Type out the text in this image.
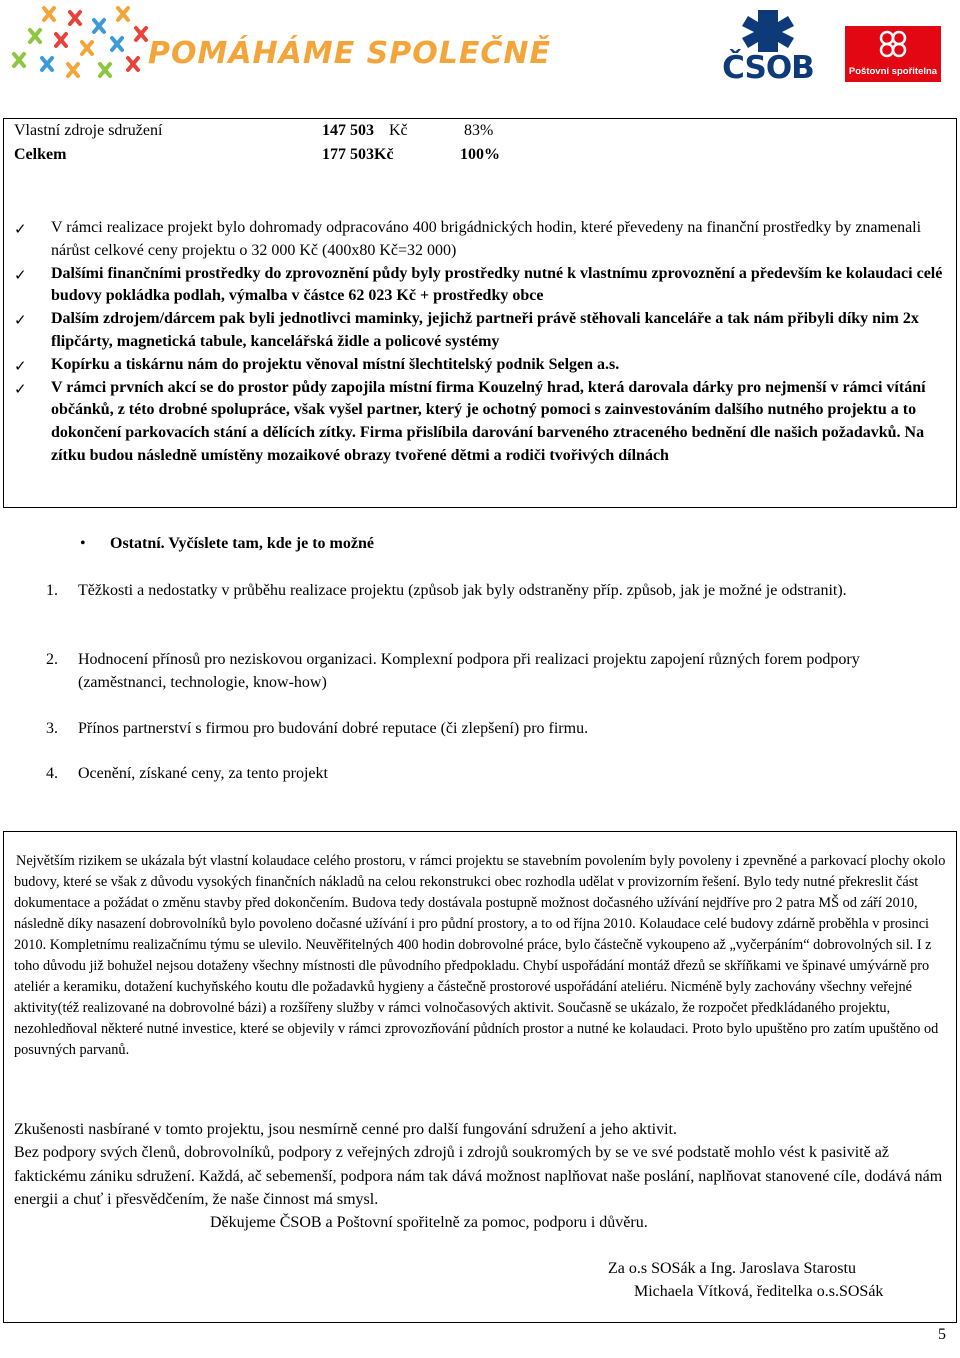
POMÁHÁME SPOLEČNĚ	ČSOB	Poštovní spořitelna
Vlastní zdroje sdružení	147 503 Kč	83%
Celkem	177 503Kč	100%
✓ V rámci realizace projekt bylo dohromady odpracováno 400 brigádnických hodin, které převedeny na finanční prostředky by znamenali nárůst celkové ceny projektu o 32 000 Kč (400x80 Kč=32 000)
✓ Dalšími finančními prostředky do zprovoznění půdy byly prostředky nutné k vlastnímu zprovoznění a především ke kolaudaci celé budovy pokládka podlah, výmalba v částce 62 023 Kč + prostředky obce
✓ Dalším zdrojem/dárcem pak byli jednotlivci maminky, jejichž partneři právě stěhovali kanceláře a tak nám přibyli díky nim 2x flipčárty, magnetická tabule, kancelářská židle a policové systémy
✓ Kopírku a tiskárnu nám do projektu věnoval místní šlechtitelský podnik Selgen a.s.
✓ V rámci prvních akcí se do prostor půdy zapojila místní firma Kouzelný hrad, která darovala dárky pro nejmenší v rámci vítání občánků, z této drobné spolupráce, však vyšel partner, který je ochotný pomoci s zainvestováním dalšího nutného projektu a to dokončení parkovacích stání a dělících zítky. Firma přislíbila darování barveného ztraceného bednění dle našich požadavků. Na zítku budou následně umístěny mozaikové obrazy tvořené dětmi a rodiči tvořivých dílnách
• Ostatní. Vyčíslete tam, kde je to možné
1. Těžkosti a nedostatky v průběhu realizace projektu (způsob jak byly odstraněny příp. způsob, jak je možné je odstranit).
2. Hodnocení přínosů pro neziskovou organizaci. Komplexní podpora při realizaci projektu zapojení různých forem podpory (zaměstnanci, technologie, know-how)
3. Přínos partnerství s firmou pro budování dobré reputace (či zlepšení) pro firmu.
4. Ocenění, získané ceny, za tento projekt

Největším rizikem se ukázala být vlastní kolaudace celého prostoru, v rámci projektu se stavebním povolením byly povoleny i zpevněné a parkovací plochy okolo budovy, které se však z důvodu vysokých finančních nákladů na celou rekonstrukci obec rozhodla udělat v provizorním řešení. Bylo tedy nutné překreslit část dokumentace a požádat o změnu stavby před dokončením. Budova tedy dostávala postupně možnost dočasného užívání nejdříve pro 2 patra MŠ od září 2010, následně díky nasazení dobrovolníků bylo povoleno dočasné užívání i pro půdní prostory, a to od října 2010. Kolaudace celé budovy zdárně proběhla v prosinci 2010. Kompletnímu realizačnímu týmu se ulevilo. Neuvěřitelných 400 hodin dobrovolné práce, bylo částečně vykoupeno až „vyčerpáním“ dobrovolných sil. I z toho důvodu již bohužel nejsou dotaženy všechny místnosti dle původního předpokladu. Chybí uspořádání montáž dřezů se skříňkami ve špinavé umývárně pro ateliér a keramiku, dotažení kuchyňského koutu dle požadavků hygieny a částečně prostorové uspořádání ateliéru. Nicméně byly zachovány všechny veřejné aktivity(též realizované na dobrovolné bázi) a rozšířeny služby v rámci volnočasových aktivit. Současně se ukázalo, že rozpočet předkládaného projektu, nezohledňoval některé nutné investice, které se objevily v rámci zprovozňování půdních prostor a nutné ke kolaudaci. Proto bylo upuštěno pro zatím upuštěno od posuvných parvanů.

Zkušenosti nasbírané v tomto projektu, jsou nesmírně cenné pro další fungování sdružení a jeho aktivit.

Bez podpory svých členů, dobrovolníků, podpory z veřejných zdrojů i zdrojů soukromých by se ve své podstatě mohlo vést k pasivitě až faktickému zániku sdružení. Každá, ač sebemenší, podpora nám tak dává možnost naplňovat naše poslání, naplňovat stanovené cíle, dodává nám energii a chuť i přesvědčením, že naše činnost má smysl.

Děkujeme ČSOB a Poštovní spořitelně za pomoc, podporu i důvěru.
Za o.s SOSák a Ing. Jaroslava Starostu
Michaela Vítková, ředitelka o.s.SOSák
5
